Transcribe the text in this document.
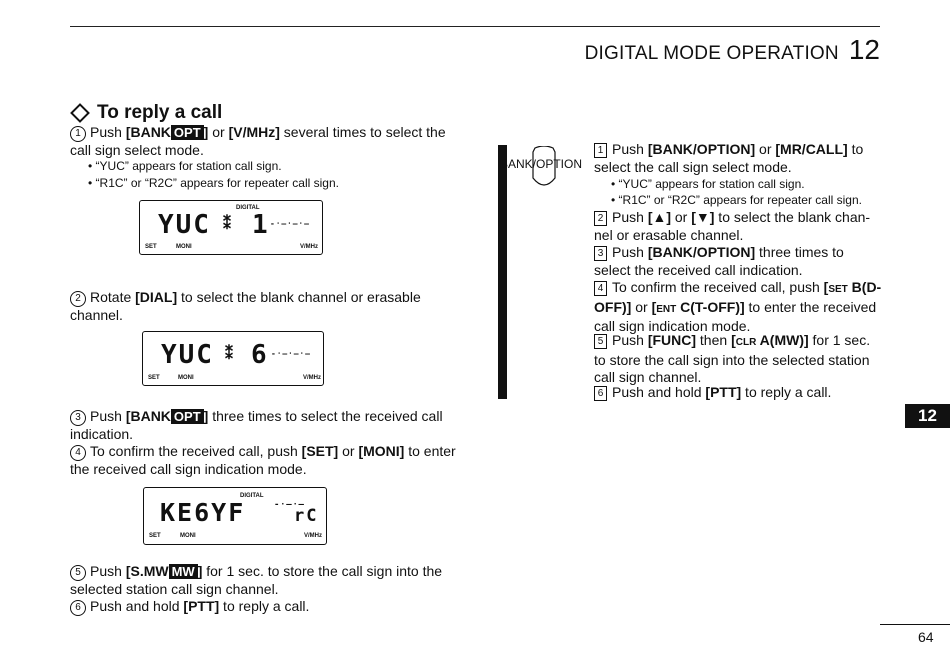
DIGITAL MODE OPERATION 12
To reply a call
1 Push [BANK OPT ] or [V/MHz] several times to select the call sign select mode.
• “YUC” appears for station call sign.
• “R1C” or “R2C” appears for repeater call sign.
DIGITAL
YUC ⁑ 1 -‧—‧—‧—
SET	MONI	V/MHz
2 Rotate [DIAL] to select the blank channel or erasable channel.
YUC ⁑ 6 -‧—‧—‧—
SET	MONI	V/MHz
3 Push [BANK OPT ] three times to select the received call indication.
4 To confirm the received call, push [SET] or [MONI] to enter the received call sign indication mode.
DIGITAL
KE6YF	-‧—‧—
rC
SET	MONI	V/MHz
5 Push [S.MW MW ] for 1 sec. to store the call sign into the selected station call sign channel.
6 Push and hold [PTT] to reply a call.
BANK/OPTION
1 Push [BANK/OPTION] or [MR/CALL] to select the call sign select mode.
• “YUC” appears for station call sign.
• “R1C” or “R2C” appears for repeater call sign.
2 Push [▲] or [▼] to select the blank channel or erasable channel.
3 Push [BANK/OPTION] three times to select the received call indication.
4 To confirm the received call, push [SET B(D-OFF)] or [ENT C(T-OFF)] to enter the received call sign indication mode.
5 Push [FUNC] then [CLR A(MW)] for 1 sec. to store the call sign into the selected station call sign channel.
6 Push and hold [PTT] to reply a call.
12
64
